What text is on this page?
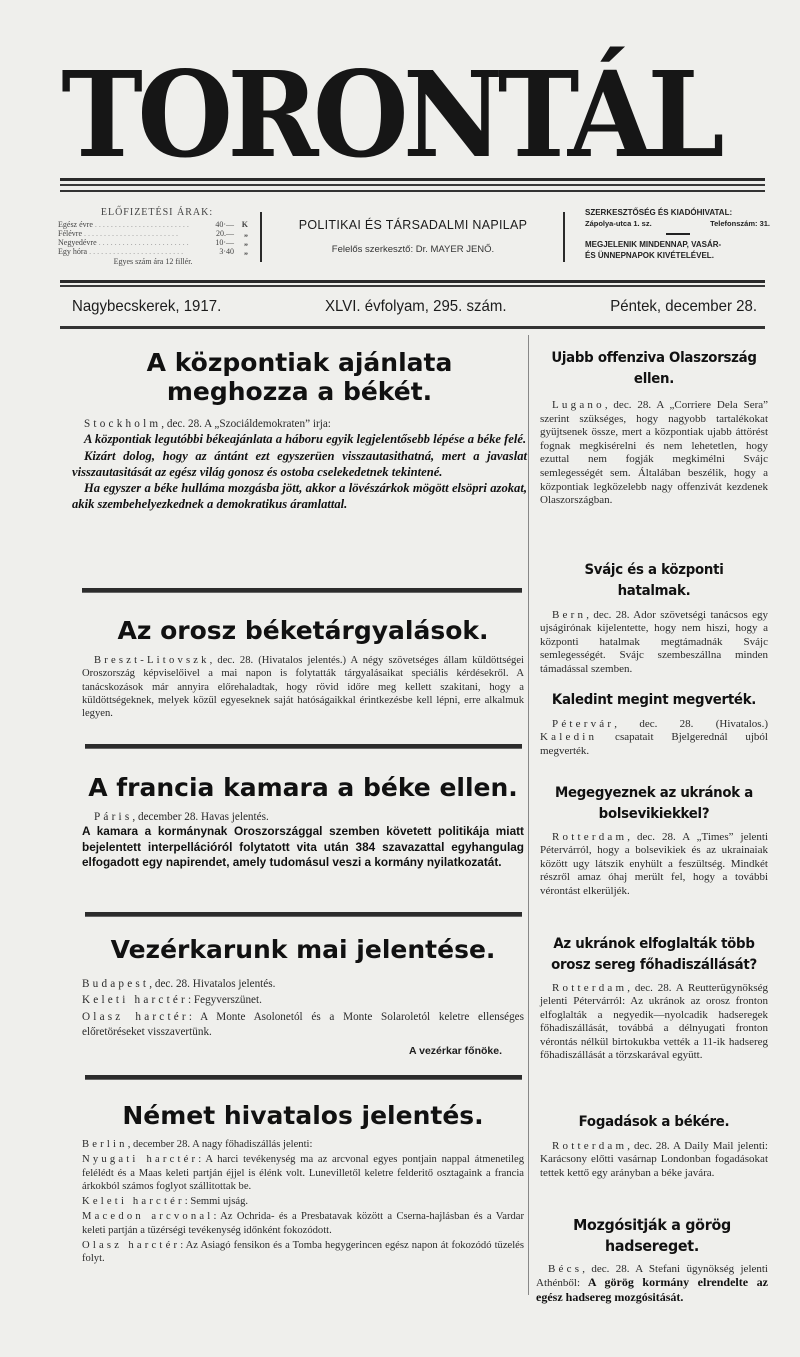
TORONTÁL
ELŐFIZETÉSI ÁRAK:
Egész évre . . .	40·— K
Félévre . . .	20.—	„
Negyedévre . . .	10·—	„
Egy hóra . . .	3·40	„
Egyes szám ára 12 fillér.
POLITIKAI ÉS TÁRSADALMI NAPILAP
Felelős szerkesztő: Dr. MAYER JENŐ.
SZERKESZTŐSÉG ÉS KIADÓHIVATAL:
Zápolya-utca 1. sz.	Telefonszám: 31.
MEGJELENIK MINDENNAP, VASÁR-
ÉS ÜNNEPNAPOK KIVÉTELÉVEL.
Nagybecskerek, 1917.	XLVI. évfolyam, 295. szám.	Péntek, december 28.
A központiak ajánlata meghozza a békét.

Stockholm, dec. 28. A „Szociáldemokraten” irja:

A központiak legutóbbi békeajánlata a háboru egyik legjelentősebb lépése a béke felé.

Kizárt dolog, hogy az ántánt ezt egyszerüen visszautasithatná, mert a javaslat visszautasitását az egész világ gonosz és ostoba cselekedetnek tekintené.

Ha egyszer a béke hulláma mozgásba jött, akkor a lövészárkok mögött elsöpri azokat, akik szembehelyezkednek a demokratikus áramlattal.

Az orosz béketárgyalások.

Breszt-Litovszk, dec. 28. (Hivatalos jelentés.) A négy szövetséges állam küldöttségei Oroszország képviselőivel a mai napon is folytatták tárgyalásaikat speciális kérdésekről. A tanácskozások már annyira előrehaladtak, hogy rövid időre meg kellett szakitani, hogy a küldöttségeknek, melyek közül egyeseknek saját hatóságaikkal érintkezésbe kell lépni, erre alkalmuk legyen.

A francia kamara a béke ellen.

Páris, december 28. Havas jelentés.

A kamara a kormánynak Oroszországgal szemben követett politikája miatt bejelentett interpellációról folytatott vita után 384 szavazattal egyhangulag elfogadott egy napirendet, amely tudomásul veszi a kormány nyilatkozatát.

Vezérkarunk mai jelentése.

Budapest, dec. 28. Hivatalos jelentés.

Keleti harctér: Fegyverszünet.

Olasz harctér: A Monte Asolonetól és a Monte Solaroletól keletre ellenséges előretöréseket visszavertünk.

A vezérkar főnöke.
Német hivatalos jelentés.

Berlin, december 28. A nagy főhadiszállás jelenti:

Nyugati harctér: A harci tevékenység ma az arcvonal egyes pontjain nappal átmenetileg felélédt és a Maas keleti partján éjjel is élénk volt. Lunevilletől keletre felderitő osztagaink a francia árkokból számos foglyot szállitottak be.

Keleti harctér: Semmi ujság.

Macedon arcvonal: Az Ochrida- és a Presbatavak között a Cserna-hajlásban és a Vardar keleti partján a tüzérségi tevékenység időnként fokozódott.

Olasz harctér: Az Asiagó fensikon és a Tomba hegygerincen egész napon át fokozódó tüzelés folyt.

Ujabb offenziva Olaszország ellen.

Lugano, dec. 28. A „Corriere Dela Sera” szerint szükséges, hogy nagyobb tartalékokat gyüjtsenek össze, mert a központiak ujabb áttörést fognak megkisérelni és nem lehetetlen, hogy ezuttal nem fogják megkimélni Svájc semlegességét sem. Általában beszélik, hogy a központiak legközelebb nagy offenzivát kezdenek Olaszországban.

Svájc és a központi hatalmak.

Bern, dec. 28. Ador szövetségi tanácsos egy ujságirónak kijelentette, hogy nem hiszi, hogy a központi hatalmak megtámadnák Svájc semlegességét. Svájc szembeszállna minden támadással szemben.

Kaledint megint megverték.

Pétervár, dec. 28. (Hivatalos.) Kaledin csapatait Bjelgerednál ujból megverték.

Megegyeznek az ukránok a bolsevikiekkel?

Rotterdam, dec. 28. A „Times” jelenti Pétervárról, hogy a bolsevikiek és az ukrainaiak között ugy látszik enyhült a feszültség. Mindkét részről amaz óhaj merült fel, hogy a további vérontást elkerüljék.

Az ukránok elfoglalták több orosz sereg főhadiszállását?

Rotterdam, dec. 28. A Reutterügynökség jelenti Pétervárról: Az ukránok az orosz fronton elfoglalták a negyedik—nyolcadik hadseregek főhadiszállását, továbbá a délnyugati fronton vérontás nélkül birtokukba vették a 11-ik hadsereg főhadiszállását a törzskarával együtt.

Fogadások a békére.

Rotterdam, dec. 28. A Daily Mail jelenti: Karácsony előtti vasárnap Londonban fogadásokat tettek kettő egy arányban a béke javára.

Mozgósitják a görög hadsereget.

Bécs, dec. 28. A Stefani ügynökség jelenti Athénből: A görög kormány elrendelte az egész hadsereg mozgósitását.
